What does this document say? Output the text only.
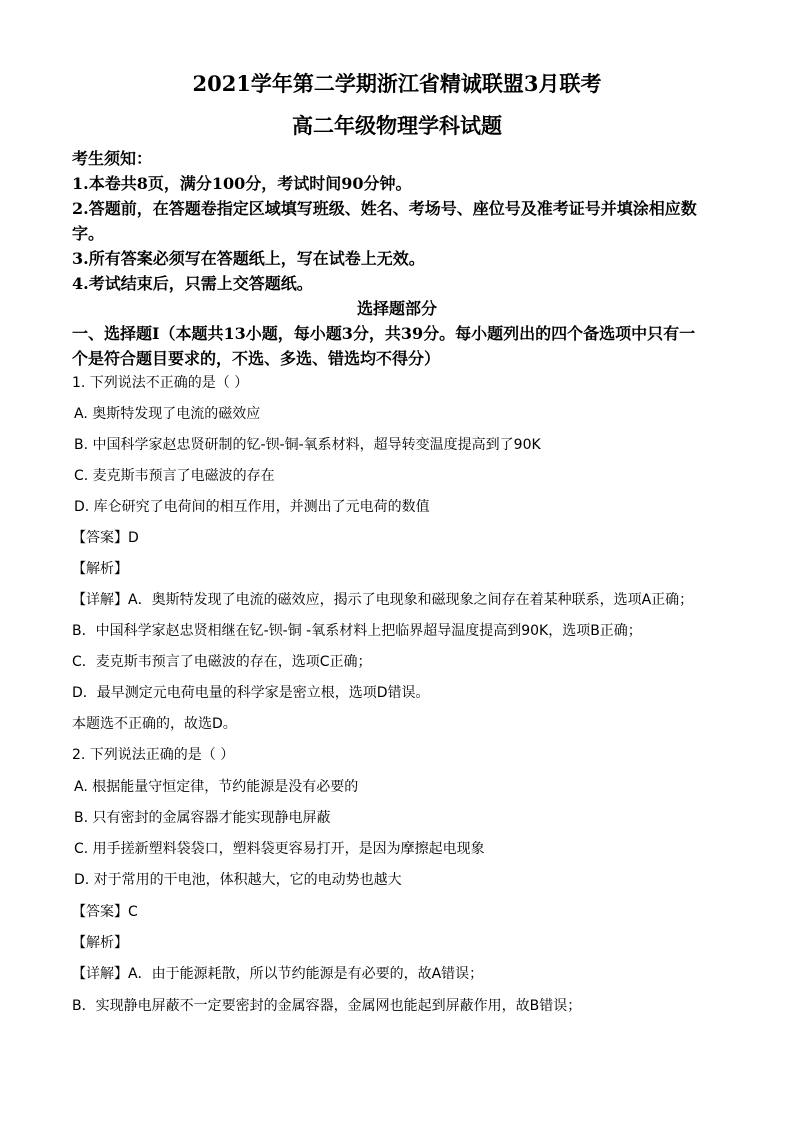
2021学年第二学期浙江省精诚联盟3月联考
高二年级物理学科试题
考生须知：
1.本卷共8页，满分100分，考试时间90分钟。
2.答题前，在答题卷指定区域填写班级、姓名、考场号、座位号及准考证号并填涂相应数
字。
3.所有答案必须写在答题纸上，写在试卷上无效。
4.考试结束后，只需上交答题纸。
选择题部分
一、选择题Ⅰ（本题共13小题，每小题3分，共39分。每小题列出的四个备选项中只有一
个是符合题目要求的，不选、多选、错选均不得分）
1. 下列说法不正确的是（ ）
A. 奥斯特发现了电流的磁效应
B. 中国科学家赵忠贤研制的钇-钡-铜-氧系材料，超导转变温度提高到了90K
C. 麦克斯韦预言了电磁波的存在
D. 库仑研究了电荷间的相互作用，并测出了元电荷的数值
【答案】D
【解析】
【详解】A．奥斯特发现了电流的磁效应，揭示了电现象和磁现象之间存在着某种联系，选项A正确；
B．中国科学家赵忠贤相继在钇-钡-铜 -氧系材料上把临界超导温度提高到90K，选项B正确；
C．麦克斯韦预言了电磁波的存在，选项C正确；
D．最早测定元电荷电量的科学家是密立根，选项D错误。
本题选不正确的，故选D。
2. 下列说法正确的是（ ）
A. 根据能量守恒定律，节约能源是没有必要的
B. 只有密封的金属容器才能实现静电屏蔽
C. 用手搓新塑料袋袋口，塑料袋更容易打开，是因为摩擦起电现象
D. 对于常用的干电池，体积越大，它的电动势也越大
【答案】C
【解析】
【详解】A．由于能源耗散，所以节约能源是有必要的，故A错误；
B．实现静电屏蔽不一定要密封的金属容器，金属网也能起到屏蔽作用，故B错误；
